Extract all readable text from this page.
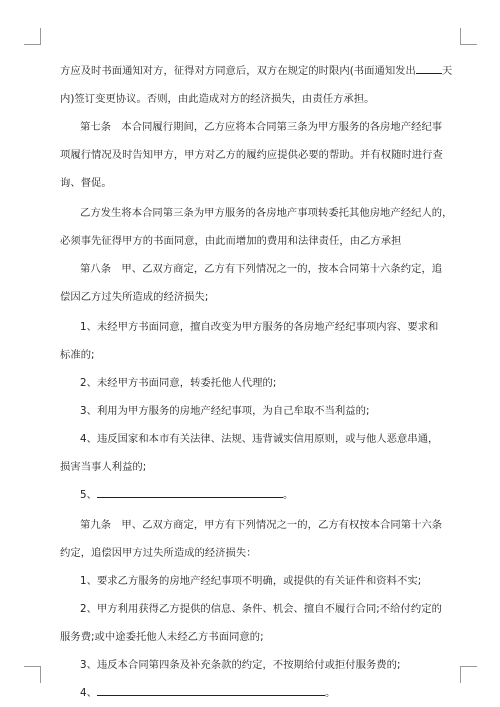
方应及时书面通知对方，征得对方同意后，双方在规定的时限内(书面通知发出	天
内)签订变更协议。否则，由此造成对方的经济损失，由责任方承担。
第七条　本合同履行期间，乙方应将本合同第三条为甲方服务的各房地产经纪事
项履行情况及时告知甲方，甲方对乙方的履约应提供必要的帮助。并有权随时进行查
询、督促。
乙方发生将本合同第三条为甲方服务的各房地产事项转委托其他房地产经纪人的，
必须事先征得甲方的书面同意，由此而增加的费用和法律责任，由乙方承担
第八条　甲、乙双方商定，乙方有下列情况之一的，按本合同第十六条约定，追
偿因乙方过失所造成的经济损失;
1、未经甲方书面同意，擅自改变为甲方服务的各房地产经纪事项内容、要求和
标准的;
2、未经甲方书面同意，转委托他人代理的;
3、利用为甲方服务的房地产经纪事项，为自己牟取不当利益的;
4、违反国家和本市有关法律、法规、违背诚实信用原则，或与他人恶意串通，
损害当事人利益的;
5、	。
第九条　甲、乙双方商定，甲方有下列情况之一的，乙方有权按本合同第十六条
约定，追偿因甲方过失所造成的经济损失：
1、要求乙方服务的房地产经纪事项不明确，或提供的有关证件和资料不实;
2、甲方利用获得乙方提供的信息、条件、机会、擅自不履行合同;不给付约定的
服务费;或中途委托他人未经乙方书面同意的;
3、违反本合同第四条及补充条款的约定，不按期给付或拒付服务费的;
4、	。
